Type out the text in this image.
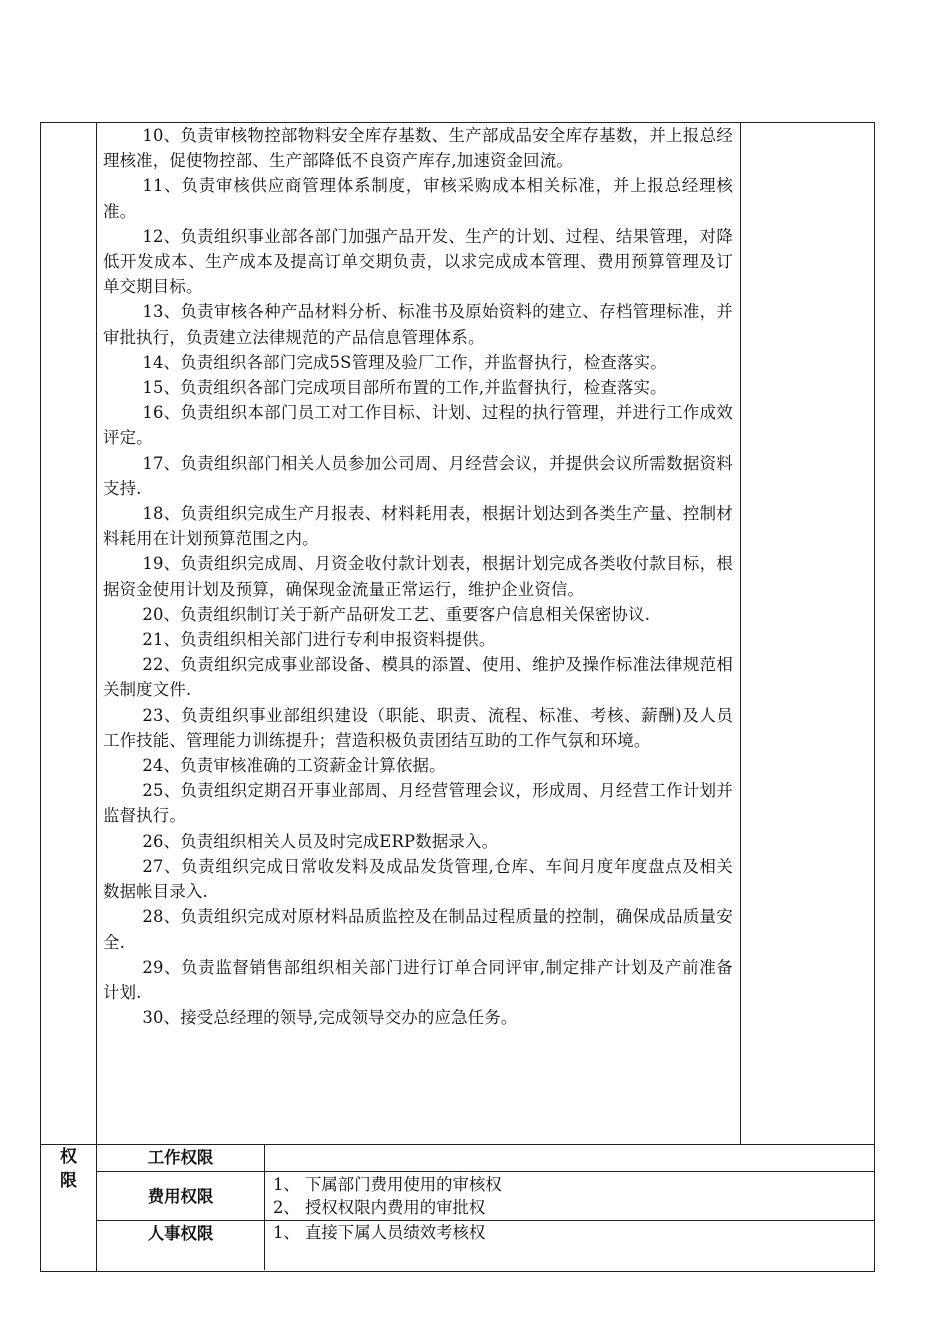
10、负责审核物控部物料安全库存基数、生产部成品安全库存基数，并上报总经理核准，促使物控部、生产部降低不良资产库存,加速资金回流。

11、负责审核供应商管理体系制度，审核采购成本相关标准，并上报总经理核准。

12、负责组织事业部各部门加强产品开发、生产的计划、过程、结果管理，对降低开发成本、生产成本及提高订单交期负责，以求完成成本管理、费用预算管理及订单交期目标。

13、负责审核各种产品材料分析、标准书及原始资料的建立、存档管理标准，并审批执行，负责建立法律规范的产品信息管理体系。

14、负责组织各部门完成5S管理及验厂工作，并监督执行，检查落实。

15、负责组织各部门完成项目部所布置的工作,并监督执行，检查落实。

16、负责组织本部门员工对工作目标、计划、过程的执行管理，并进行工作成效评定。

17、负责组织部门相关人员参加公司周、月经营会议，并提供会议所需数据资料支持.

18、负责组织完成生产月报表、材料耗用表，根据计划达到各类生产量、控制材料耗用在计划预算范围之内。

19、负责组织完成周、月资金收付款计划表，根据计划完成各类收付款目标，根据资金使用计划及预算，确保现金流量正常运行，维护企业资信。

20、负责组织制订关于新产品研发工艺、重要客户信息相关保密协议.

21、负责组织相关部门进行专利申报资料提供。

22、负责组织完成事业部设备、模具的添置、使用、维护及操作标准法律规范相关制度文件.

23、负责组织事业部组织建设（职能、职责、流程、标准、考核、薪酬)及人员工作技能、管理能力训练提升；营造积极负责团结互助的工作气氛和环境。

24、负责审核准确的工资薪金计算依据。

25、负责组织定期召开事业部周、月经营管理会议，形成周、月经营工作计划并监督执行。

26、负责组织相关人员及时完成ERP数据录入。

27、负责组织完成日常收发料及成品发货管理,仓库、车间月度年度盘点及相关数据帐目录入.

28、负责组织完成对原材料品质监控及在制品过程质量的控制，确保成品质量安全.

29、负责监督销售部组织相关部门进行订单合同评审,制定排产计划及产前准备计划.

30、接受总经理的领导,完成领导交办的应急任务。

权
限
工作权限
费用权限
1、 下属部门费用使用的审核权
2、 授权权限内费用的审批权
人事权限	1、 直接下属人员绩效考核权
